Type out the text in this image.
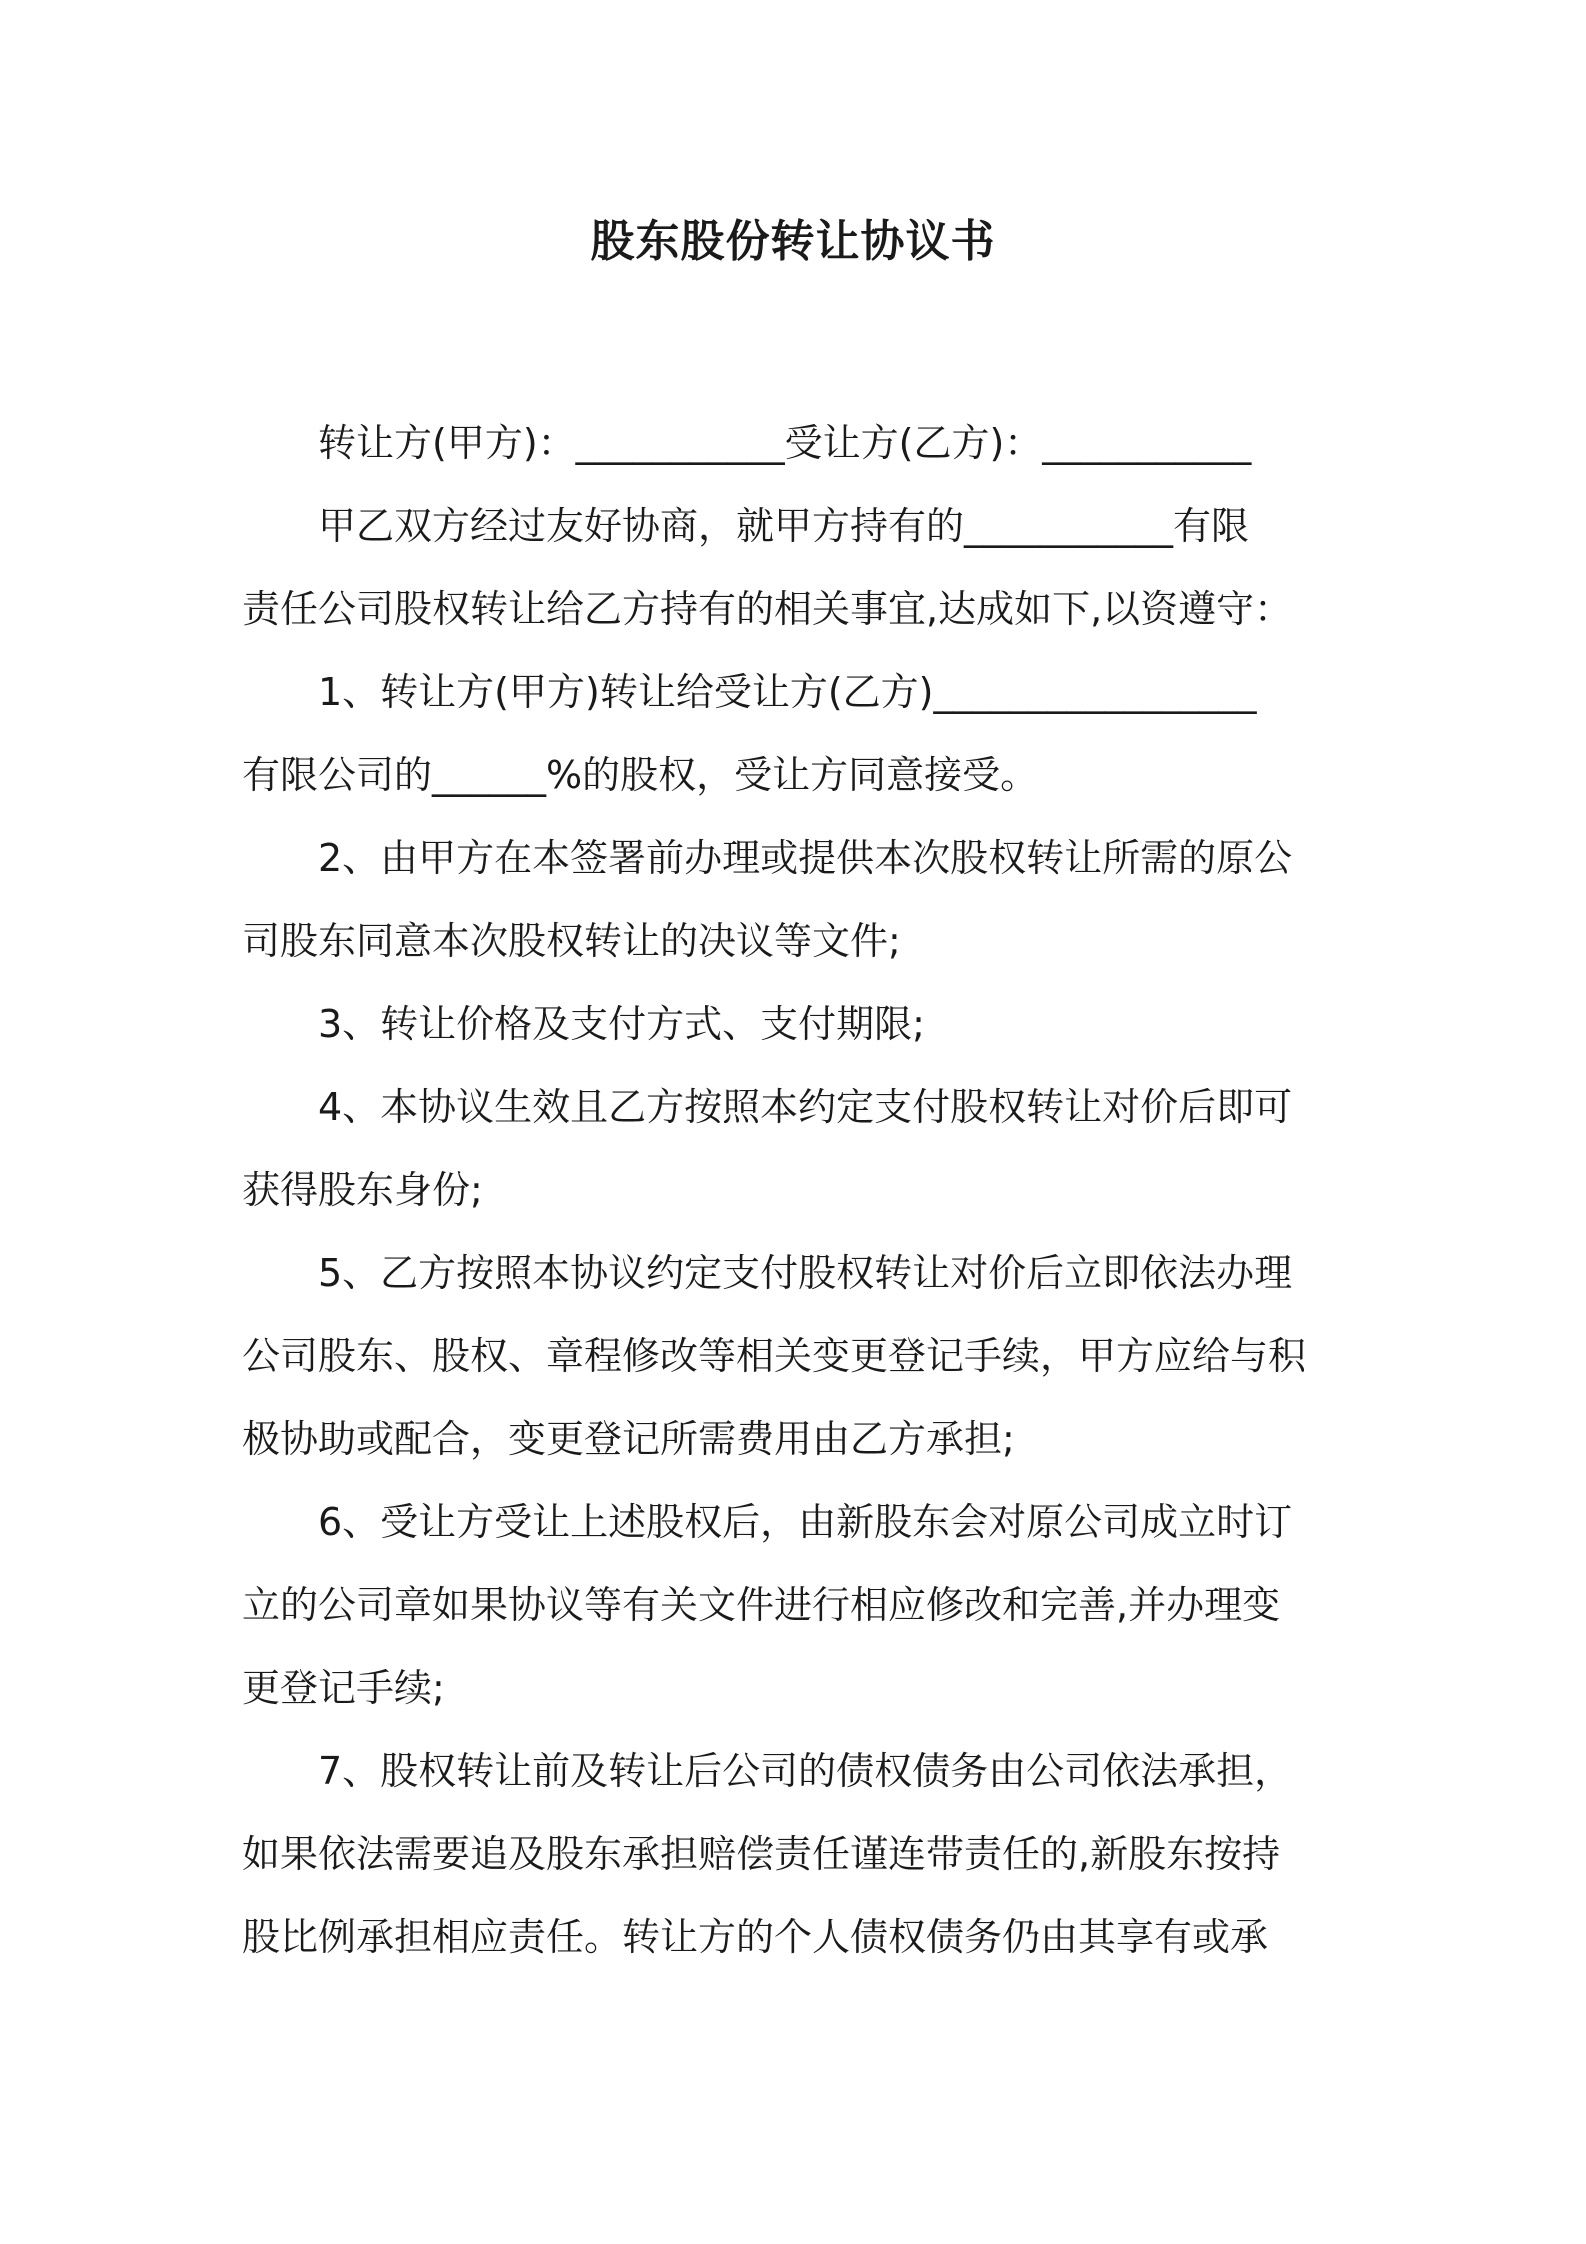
股东股份转让协议书

转让方(甲方)：___________受让方(乙方)：___________

甲乙双方经过友好协商，就甲方持有的___________有限
责任公司股权转让给乙方持有的相关事宜,达成如下,以资遵守：

1、转让方(甲方)转让给受让方(乙方)_________________
有限公司的______%的股权，受让方同意接受。

2、由甲方在本签署前办理或提供本次股权转让所需的原公
司股东同意本次股权转让的决议等文件;

3、转让价格及支付方式、支付期限;

4、本协议生效且乙方按照本约定支付股权转让对价后即可
获得股东身份;

5、乙方按照本协议约定支付股权转让对价后立即依法办理
公司股东、股权、章程修改等相关变更登记手续，甲方应给与积
极协助或配合，变更登记所需费用由乙方承担;

6、受让方受让上述股权后，由新股东会对原公司成立时订
立的公司章如果协议等有关文件进行相应修改和完善,并办理变
更登记手续;

7、股权转让前及转让后公司的债权债务由公司依法承担，
如果依法需要追及股东承担赔偿责任谨连带责任的,新股东按持
股比例承担相应责任。转让方的个人债权债务仍由其享有或承
